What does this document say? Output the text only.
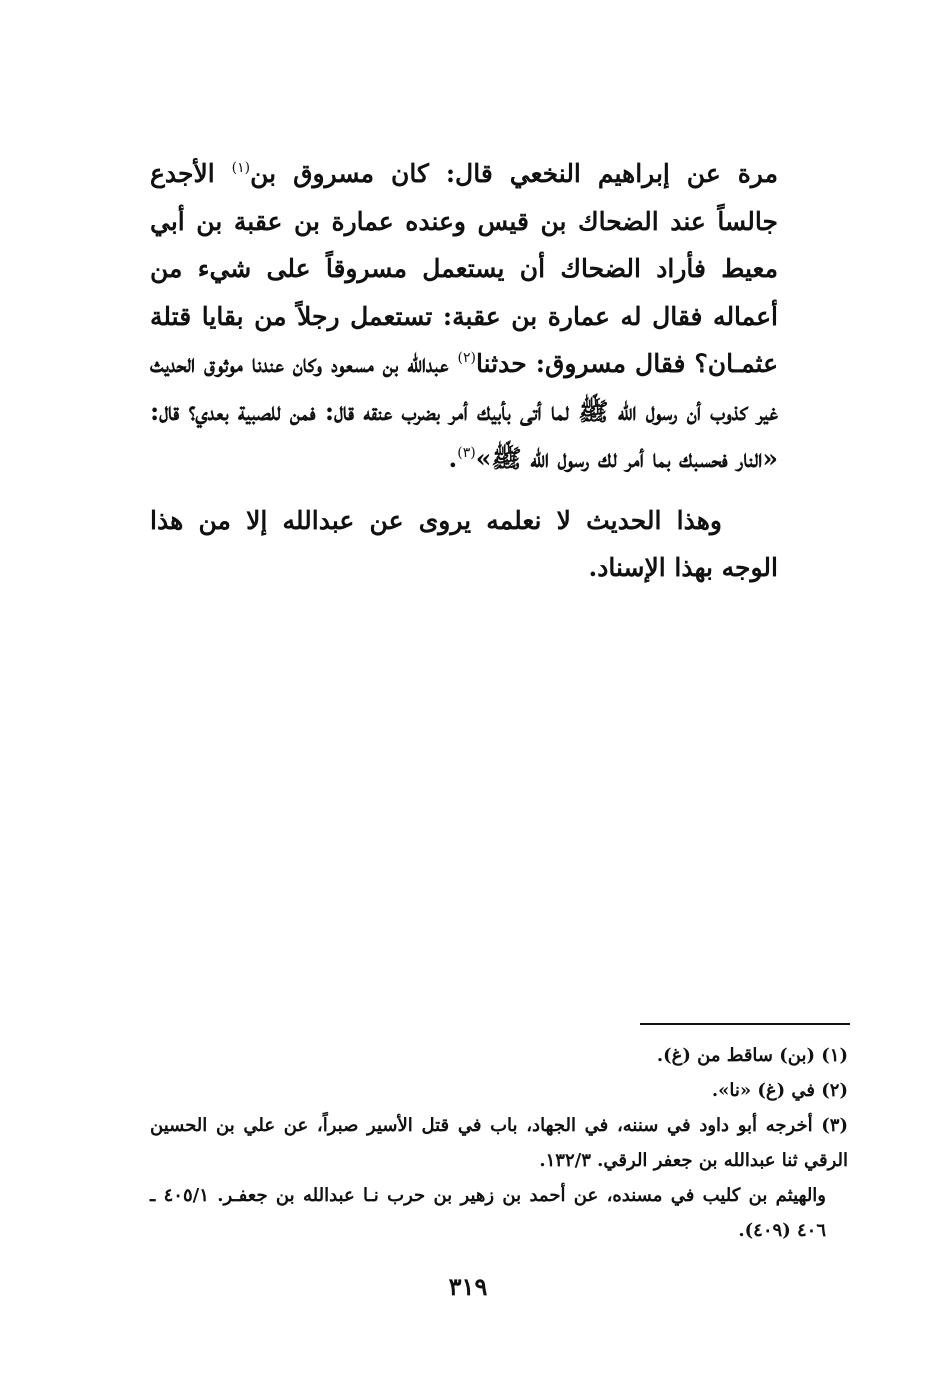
مرة عن إبراهيم النخعي قال: كان مسروق بن$^{(١)}$ الأجدع جالساً عند الضحاك بن قيس وعنده عمارة بن عقبة بن أبي معيط فأراد الضحاك أن يستعمل مسروقاً على شيء من أعماله فقال له عمارة بن عقبة: تستعمل رجلاً من بقايا قتلة عثمـان؟ فقال مسروق: حدثنا$^{(٢)}$ عبدالله بن مسعود وكان عندنا موثوق الحديث غير كذوب أن رسول الله ﷺ لما أتى بأبيك أمر بضرب عنقه قال: فمن للصبية بعدي؟ قال: «النار فحسبك بما أمر لك رسول الله ﷺ»$^{(٣)}$.

وهذا الحديث لا نعلمه يروى عن عبدالله إلا من هذا الوجه بهذا الإسناد.

(١) (بن) ساقط من (غ).

(٢) في (غ) «نا».

(٣) أخرجه أبو داود في سننه، في الجهاد، باب في قتل الأسير صبراً، عن علي بن الحسين الرقي ثنا عبدالله بن جعفر الرقي. ١٣٢/٣.

والهيثم بن كليب في مسنده، عن أحمد بن زهير بن حرب نـا عبدالله بن جعفـر. ٤٠٥/١ ـ ٤٠٦ (٤٠٩).

٣١٩
